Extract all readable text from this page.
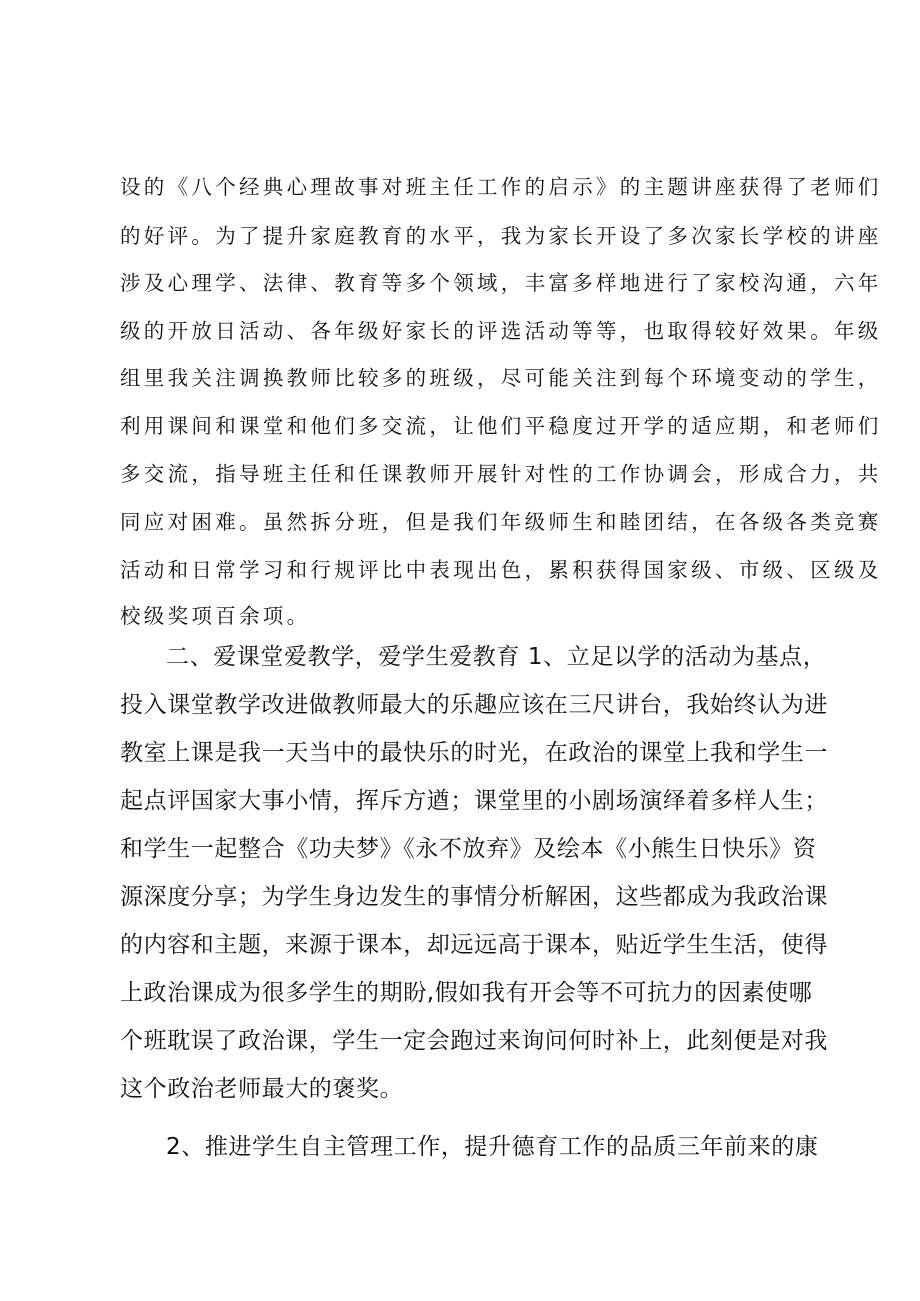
设的《八个经典心理故事对班主任工作的启示》的主题讲座获得了老师们

的好评。为了提升家庭教育的水平，我为家长开设了多次家长学校的讲座

涉及心理学、法律、教育等多个领域，丰富多样地进行了家校沟通，六年

级的开放日活动、各年级好家长的评选活动等等，也取得较好效果。年级

组里我关注调换教师比较多的班级，尽可能关注到每个环境变动的学生，

利用课间和课堂和他们多交流，让他们平稳度过开学的适应期，和老师们

多交流，指导班主任和任课教师开展针对性的工作协调会，形成合力，共

同应对困难。虽然拆分班，但是我们年级师生和睦团结，在各级各类竞赛

活动和日常学习和行规评比中表现出色，累积获得国家级、市级、区级及

校级奖项百余项。

二、爱课堂爱教学，爱学生爱教育 1、立足以学的活动为基点，

投入课堂教学改进做教师最大的乐趣应该在三尺讲台，我始终认为进

教室上课是我一天当中的最快乐的时光，在政治的课堂上我和学生一

起点评国家大事小情，挥斥方遒；课堂里的小剧场演绎着多样人生；

和学生一起整合《功夫梦》《永不放弃》及绘本《小熊生日快乐》资

源深度分享；为学生身边发生的事情分析解困，这些都成为我政治课

的内容和主题，来源于课本，却远远高于课本，贴近学生生活，使得

上政治课成为很多学生的期盼,假如我有开会等不可抗力的因素使哪

个班耽误了政治课，学生一定会跑过来询问何时补上，此刻便是对我

这个政治老师最大的褒奖。

2、推进学生自主管理工作，提升德育工作的品质三年前来的康
